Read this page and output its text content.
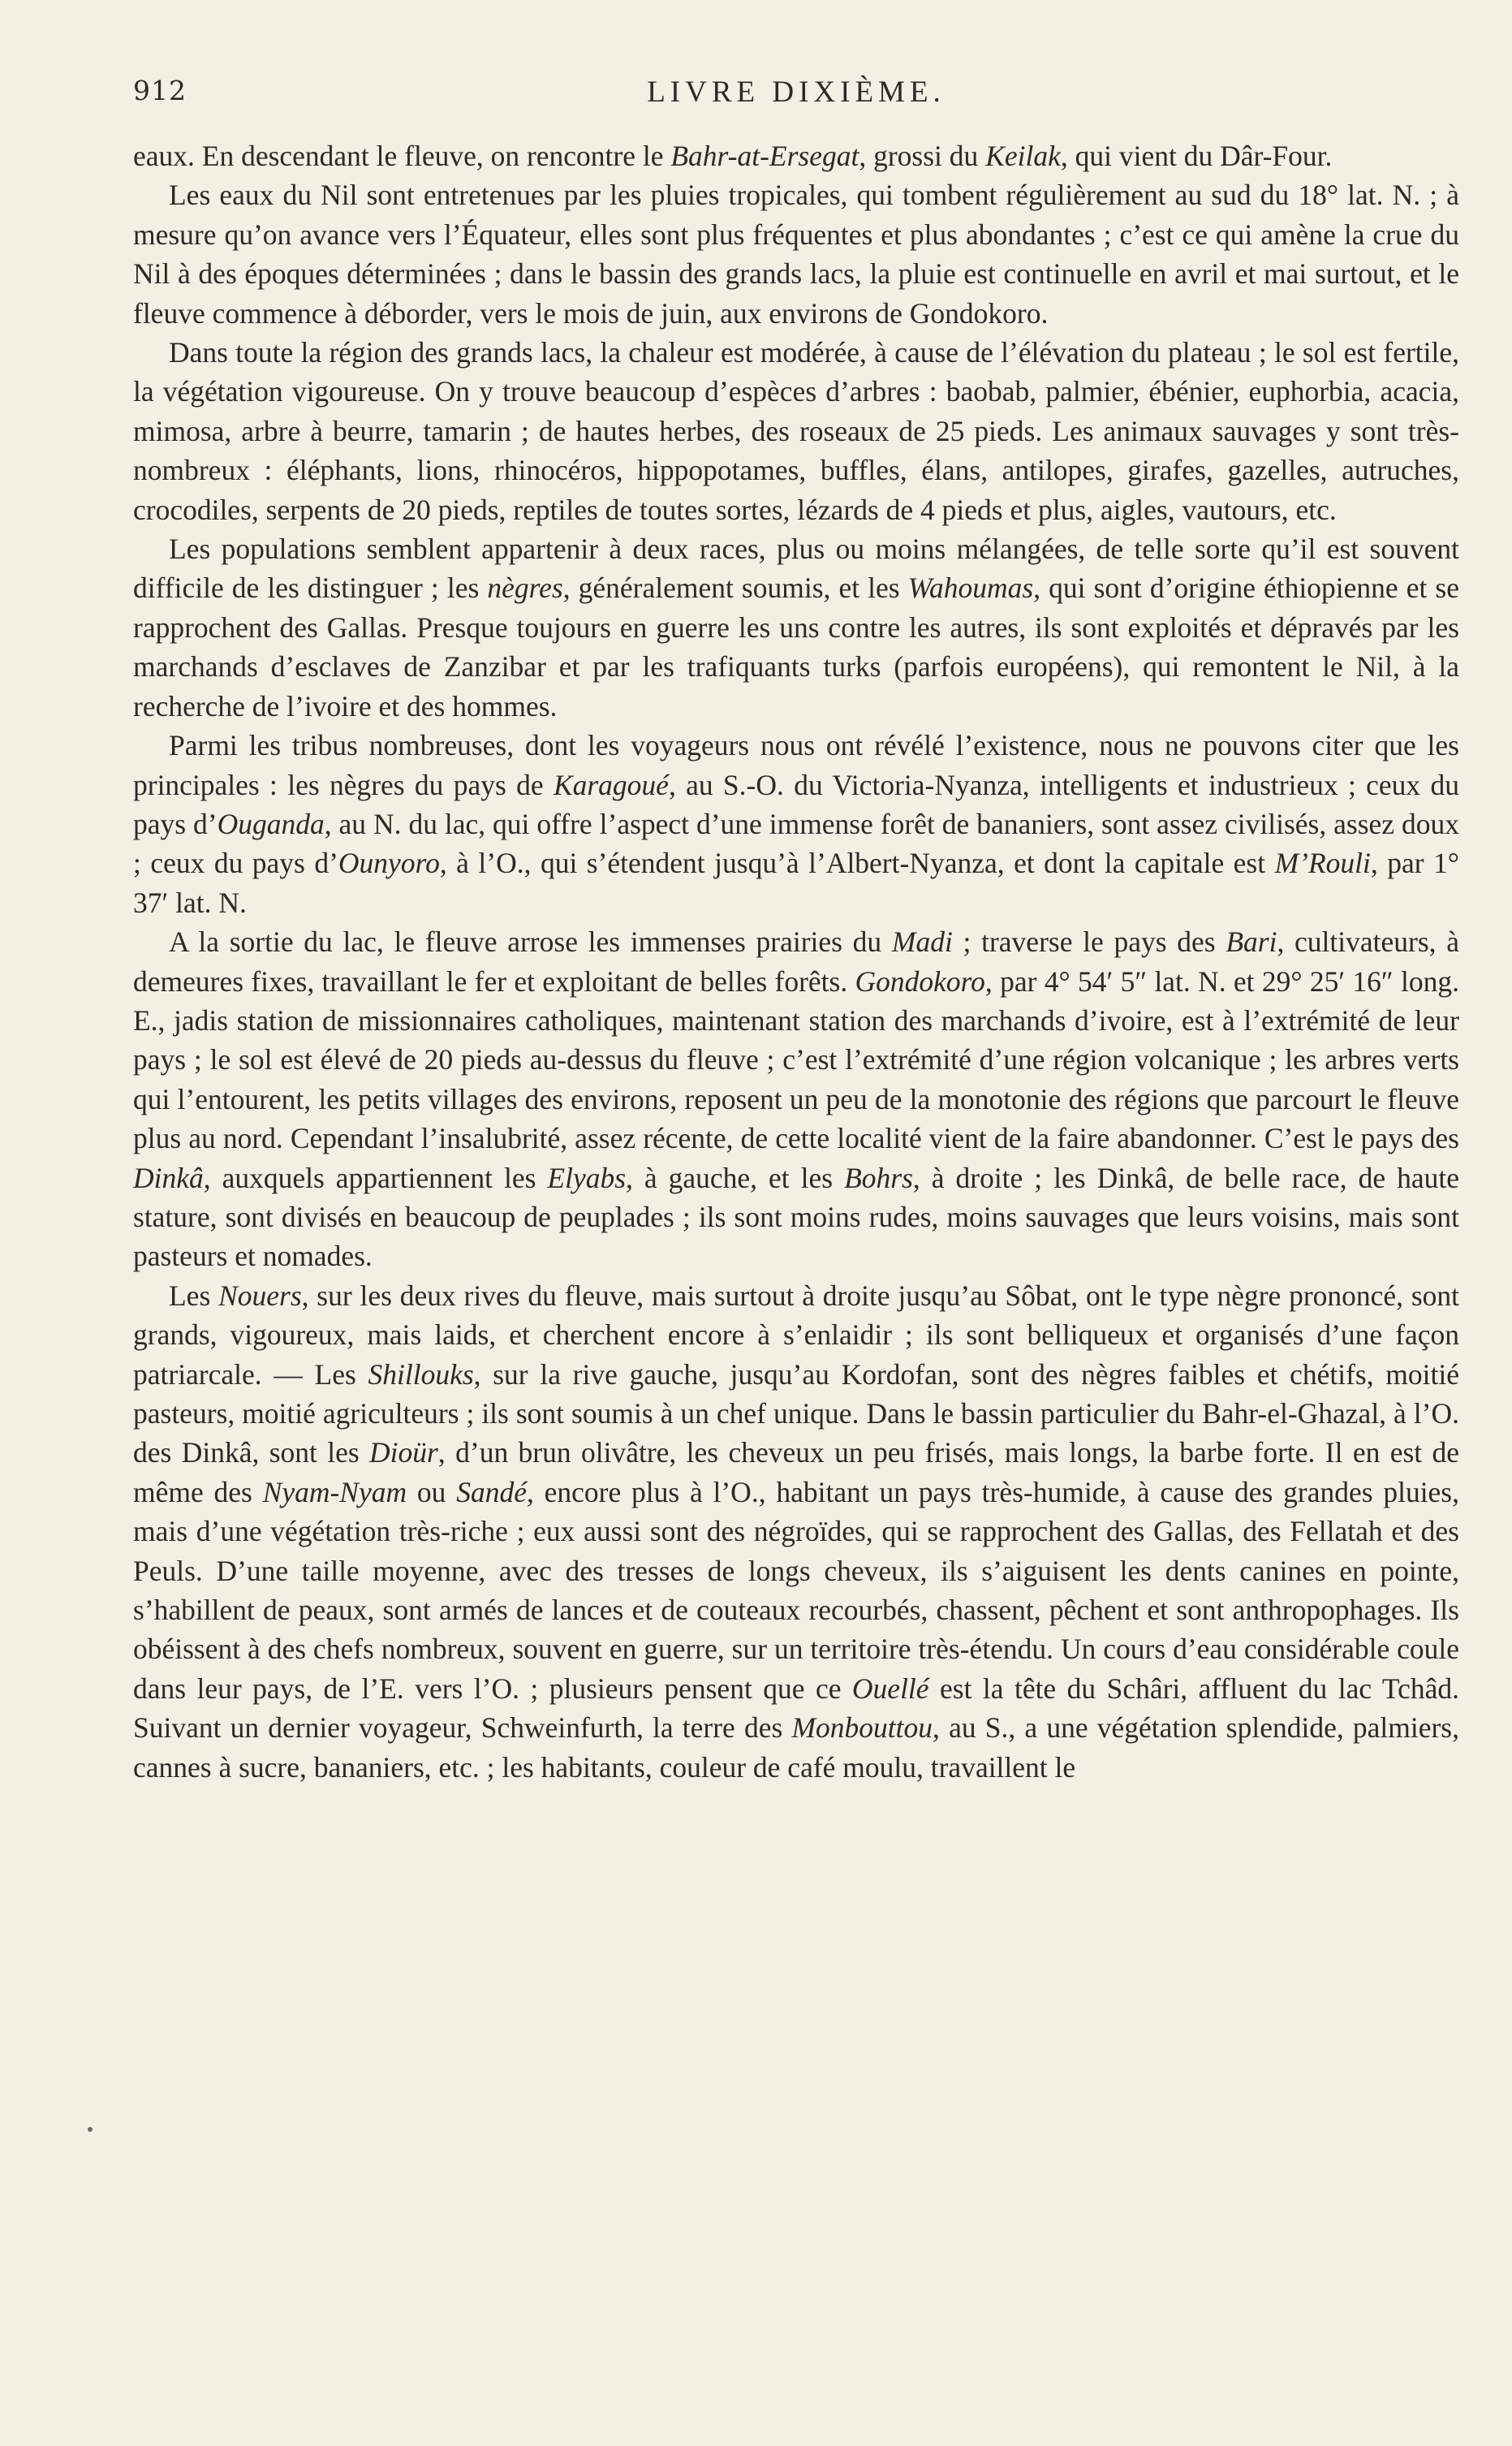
912	LIVRE DIXIÈME.

eaux. En descendant le fleuve, on rencontre le Bahr-at-Ersegat, grossi du Keilak, qui vient du Dâr-Four.

Les eaux du Nil sont entretenues par les pluies tropicales, qui tombent régulièrement au sud du 18° lat. N. ; à mesure qu’on avance vers l’Équateur, elles sont plus fréquentes et plus abondantes ; c’est ce qui amène la crue du Nil à des époques déterminées ; dans le bassin des grands lacs, la pluie est continuelle en avril et mai surtout, et le fleuve commence à déborder, vers le mois de juin, aux environs de Gondokoro.

Dans toute la région des grands lacs, la chaleur est modérée, à cause de l’élévation du plateau ; le sol est fertile, la végétation vigoureuse. On y trouve beaucoup d’espèces d’arbres : baobab, palmier, ébénier, euphorbia, acacia, mimosa, arbre à beurre, tamarin ; de hautes herbes, des roseaux de 25 pieds. Les animaux sauvages y sont très-nombreux : éléphants, lions, rhinocéros, hippopotames, buffles, élans, antilopes, girafes, gazelles, autruches, crocodiles, serpents de 20 pieds, reptiles de toutes sortes, lézards de 4 pieds et plus, aigles, vautours, etc.

Les populations semblent appartenir à deux races, plus ou moins mélangées, de telle sorte qu’il est souvent difficile de les distinguer ; les nègres, généralement soumis, et les Wahoumas, qui sont d’origine éthiopienne et se rapprochent des Gallas. Presque toujours en guerre les uns contre les autres, ils sont exploités et dépravés par les marchands d’esclaves de Zanzibar et par les trafiquants turks (parfois européens), qui remontent le Nil, à la recherche de l’ivoire et des hommes.

Parmi les tribus nombreuses, dont les voyageurs nous ont révélé l’existence, nous ne pouvons citer que les principales : les nègres du pays de Karagoué, au S.-O. du Victoria-Nyanza, intelligents et industrieux ; ceux du pays d’Ouganda, au N. du lac, qui offre l’aspect d’une immense forêt de bananiers, sont assez civilisés, assez doux ; ceux du pays d’Ounyoro, à l’O., qui s’étendent jusqu’à l’Albert-Nyanza, et dont la capitale est M’Rouli, par 1° 37′ lat. N.

A la sortie du lac, le fleuve arrose les immenses prairies du Madi ; traverse le pays des Bari, cultivateurs, à demeures fixes, travaillant le fer et exploitant de belles forêts. Gondokoro, par 4° 54′ 5″ lat. N. et 29° 25′ 16″ long. E., jadis station de missionnaires catholiques, maintenant station des marchands d’ivoire, est à l’extrémité de leur pays ; le sol est élevé de 20 pieds au-dessus du fleuve ; c’est l’extrémité d’une région volcanique ; les arbres verts qui l’entourent, les petits villages des environs, reposent un peu de la monotonie des régions que parcourt le fleuve plus au nord. Cependant l’insalubrité, assez récente, de cette localité vient de la faire abandonner. C’est le pays des Dinkâ, auxquels appartiennent les Elyabs, à gauche, et les Bohrs, à droite ; les Dinkâ, de belle race, de haute stature, sont divisés en beaucoup de peuplades ; ils sont moins rudes, moins sauvages que leurs voisins, mais sont pasteurs et nomades.

Les Nouers, sur les deux rives du fleuve, mais surtout à droite jusqu’au Sôbat, ont le type nègre prononcé, sont grands, vigoureux, mais laids, et cherchent encore à s’enlaidir ; ils sont belliqueux et organisés d’une façon patriarcale. — Les Shillouks, sur la rive gauche, jusqu’au Kordofan, sont des nègres faibles et chétifs, moitié pasteurs, moitié agriculteurs ; ils sont soumis à un chef unique. Dans le bassin particulier du Bahr-el-Ghazal, à l’O. des Dinkâ, sont les Dioür, d’un brun olivâtre, les cheveux un peu frisés, mais longs, la barbe forte. Il en est de même des Nyam-Nyam ou Sandé, encore plus à l’O., habitant un pays très-humide, à cause des grandes pluies, mais d’une végétation très-riche ; eux aussi sont des négroïdes, qui se rapprochent des Gallas, des Fellatah et des Peuls. D’une taille moyenne, avec des tresses de longs cheveux, ils s’aiguisent les dents canines en pointe, s’habillent de peaux, sont armés de lances et de couteaux recourbés, chassent, pêchent et sont anthropophages. Ils obéissent à des chefs nombreux, souvent en guerre, sur un territoire très-étendu. Un cours d’eau considérable coule dans leur pays, de l’E. vers l’O. ; plusieurs pensent que ce Ouellé est la tête du Schâri, affluent du lac Tchâd. Suivant un dernier voyageur, Schweinfurth, la terre des Monbouttou, au S., a une végétation splendide, palmiers, cannes à sucre, bananiers, etc. ; les habitants, couleur de café moulu, travaillent le
